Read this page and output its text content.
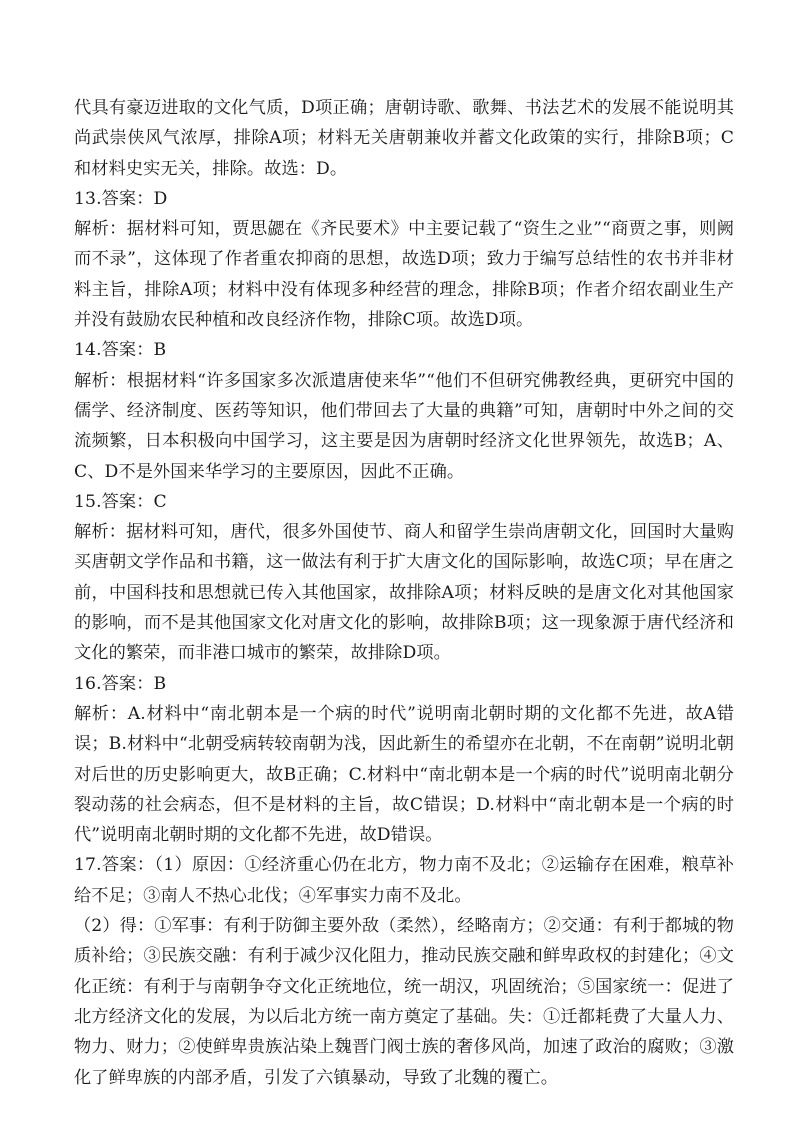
代具有豪迈进取的文化气质，D项正确；唐朝诗歌、歌舞、书法艺术的发展不能说明其尚武崇侠风气浓厚，排除A项；材料无关唐朝兼收并蓄文化政策的实行，排除B项；C和材料史实无关，排除。故选：D。

13.答案：D

解析：据材料可知，贾思勰在《齐民要术》中主要记载了“资生之业”“商贾之事，则阙而不录”，这体现了作者重农抑商的思想，故选D项；致力于编写总结性的农书并非材料主旨，排除A项；材料中没有体现多种经营的理念，排除B项；作者介绍农副业生产并没有鼓励农民种植和改良经济作物，排除C项。故选D项。

14.答案：B

解析：根据材料“许多国家多次派遣唐使来华”“他们不但研究佛教经典，更研究中国的儒学、经济制度、医药等知识，他们带回去了大量的典籍”可知，唐朝时中外之间的交流频繁，日本积极向中国学习，这主要是因为唐朝时经济文化世界领先，故选B；A、C、D不是外国来华学习的主要原因，因此不正确。

15.答案：C

解析：据材料可知，唐代，很多外国使节、商人和留学生崇尚唐朝文化，回国时大量购买唐朝文学作品和书籍，这一做法有利于扩大唐文化的国际影响，故选C项；早在唐之前，中国科技和思想就已传入其他国家，故排除A项；材料反映的是唐文化对其他国家的影响，而不是其他国家文化对唐文化的影响，故排除B项；这一现象源于唐代经济和文化的繁荣，而非港口城市的繁荣，故排除D项。

16.答案：B

解析：A.材料中“南北朝本是一个病的时代”说明南北朝时期的文化都不先进，故A错误；B.材料中“北朝受病转较南朝为浅，因此新生的希望亦在北朝，不在南朝”说明北朝对后世的历史影响更大，故B正确；C.材料中“南北朝本是一个病的时代”说明南北朝分裂动荡的社会病态，但不是材料的主旨，故C错误；D.材料中“南北朝本是一个病的时代”说明南北朝时期的文化都不先进，故D错误。

17.答案：（1）原因：①经济重心仍在北方，物力南不及北；②运输存在困难，粮草补给不足；③南人不热心北伐；④军事实力南不及北。

（2）得：①军事：有利于防御主要外敌（柔然），经略南方；②交通：有利于都城的物质补给；③民族交融：有利于减少汉化阻力，推动民族交融和鲜卑政权的封建化；④文化正统：有利于与南朝争夺文化正统地位，统一胡汉，巩固统治；⑤国家统一：促进了北方经济文化的发展，为以后北方统一南方奠定了基础。失：①迁都耗费了大量人力、物力、财力；②使鲜卑贵族沾染上魏晋门阀士族的奢侈风尚，加速了政治的腐败；③激化了鲜卑族的内部矛盾，引发了六镇暴动，导致了北魏的覆亡。
